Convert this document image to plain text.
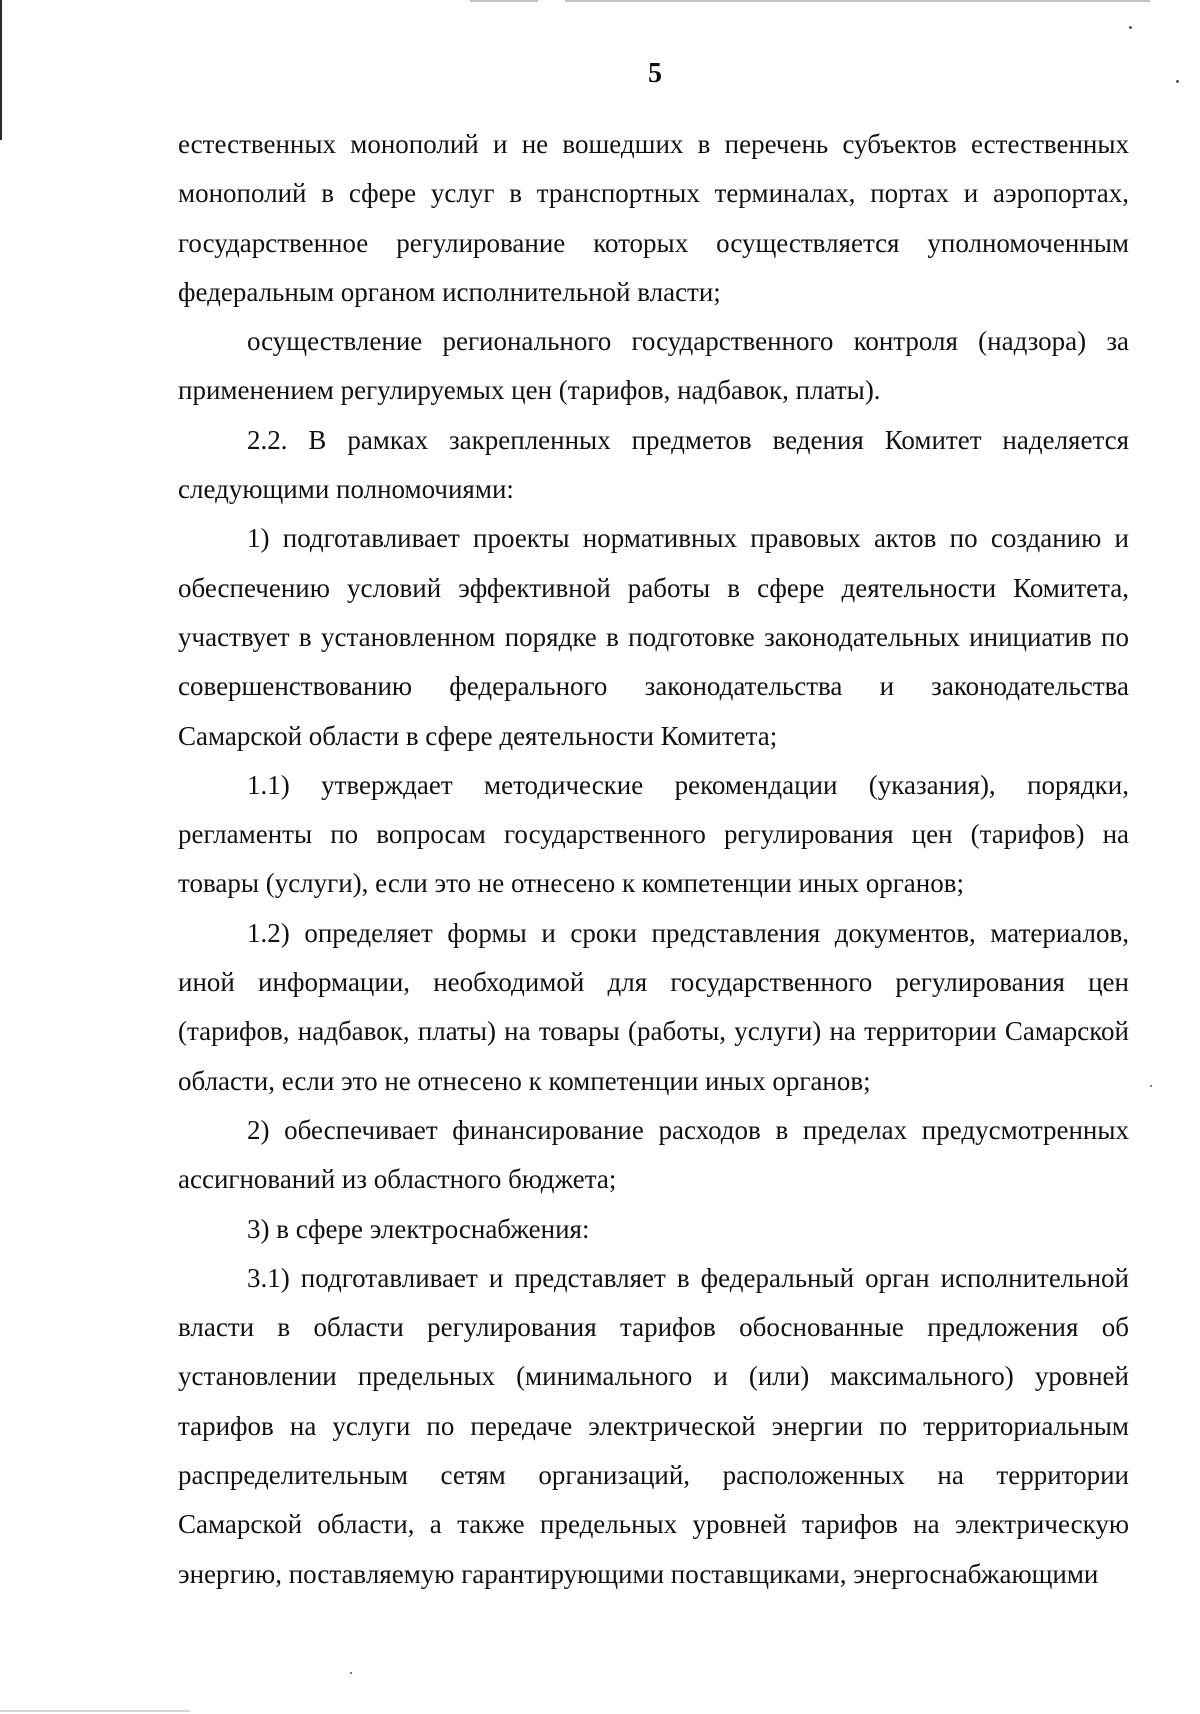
5

естественных монополий и не вошедших в перечень субъектов естественных монополий в сфере услуг в транспортных терминалах, портах и аэропортах, государственное регулирование которых осуществляется уполномоченным федеральным органом исполнительной власти;

осуществление регионального государственного контроля (надзора) за применением регулируемых цен (тарифов, надбавок, платы).

2.2. В рамках закрепленных предметов ведения Комитет наделяется следующими полномочиями:

1) подготавливает проекты нормативных правовых актов по созданию и обеспечению условий эффективной работы в сфере деятельности Комитета, участвует в установленном порядке в подготовке законодательных инициатив по совершенствованию федерального законодательства и законодательства Самарской области в сфере деятельности Комитета;

1.1) утверждает методические рекомендации (указания), порядки, регламенты по вопросам государственного регулирования цен (тарифов) на товары (услуги), если это не отнесено к компетенции иных органов;

1.2) определяет формы и сроки представления документов, материалов, иной информации, необходимой для государственного регулирования цен (тарифов, надбавок, платы) на товары (работы, услуги) на территории Самарской области, если это не отнесено к компетенции иных органов;

2) обеспечивает финансирование расходов в пределах предусмотренных ассигнований из областного бюджета;

3) в сфере электроснабжения:

3.1) подготавливает и представляет в федеральный орган исполнительной власти в области регулирования тарифов обоснованные предложения об установлении предельных (минимального и (или) максимального) уровней тарифов на услуги по передаче электрической энергии по территориальным распределительным сетям организаций, расположенных на территории Самарской области, а также предельных уровней тарифов на электрическую энергию, поставляемую гарантирующими поставщиками, энергоснабжающими
